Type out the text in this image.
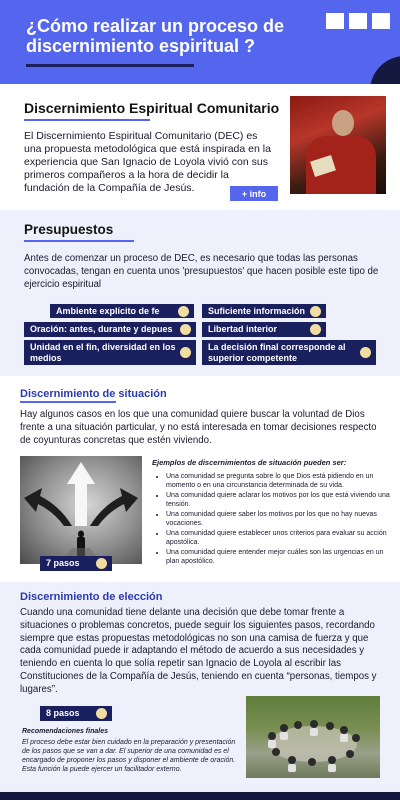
¿Cómo realizar un proceso de discernimiento espiritual ?
Discernimiento Espiritual Comunitario
El Discernimiento Espiritual Comunitario (DEC) es una propuesta metodológica que está inspirada en la experiencia que San Ignacio de Loyola vivió con sus primeros compañeros a la hora de decidir la fundación de la Compañía de Jesús.	+ info
Presupuestos
Antes de comenzar un proceso de DEC, es necesario que todas las personas convocadas, tengan en cuenta unos 'presupuestos' que hacen posible este tipo de ejercicio espiritual
Ambiente explícito de fe	Suficiente información
Oración: antes, durante y depues	Libertad interior
Unidad en el fin, diversidad en los medios
La decisión final corresponde al superior competente
Discernimiento de situación
Hay algunos casos en los que una comunidad quiere buscar la voluntad de Dios frente a una situación particular, y no está interesada en tomar decisiones respecto de coyunturas concretas que estén viviendo.
7 pasos
Ejemplos de discernimientos de situación pueden ser:
• Una comunidad se pregunta sobre lo que Dios está pidiendo en un momento o en una circunstancia determinada de su vida.
• Una comunidad quiere aclarar los motivos por los que está viviendo una tensión.
• Una comunidad quiere saber los motivos por los que no hay nuevas vocaciones.
• Una comunidad quiere establecer unos criterios para evaluar su acción apostólica.
• Una comunidad quiere entender mejor cuáles son las urgencias en un plan apostólico.
Discernimiento de elección
Cuando una comunidad tiene delante una decisión que debe tomar frente a situaciones o problemas concretos, puede seguir los siguientes pasos, recordando siempre que estas propuestas metodológicas no son una camisa de fuerza y que cada comunidad puede ir adaptando el método de acuerdo a sus necesidades y teniendo en cuenta lo que solía repetir san Ignacio de Loyola al escribir las Constituciones de la Compañía de Jesús, teniendo en cuenta “personas, tiempos y lugares”.
8 pasos
Recomendaciones finales
El proceso debe estar bien cuidado en la preparación y presentación de los pasos que se van a dar. El superior de una comunidad es el encargado de proponer los pasos y disponer el ambiente de oración. Esta función la puede ejercer un facilitador externo.
